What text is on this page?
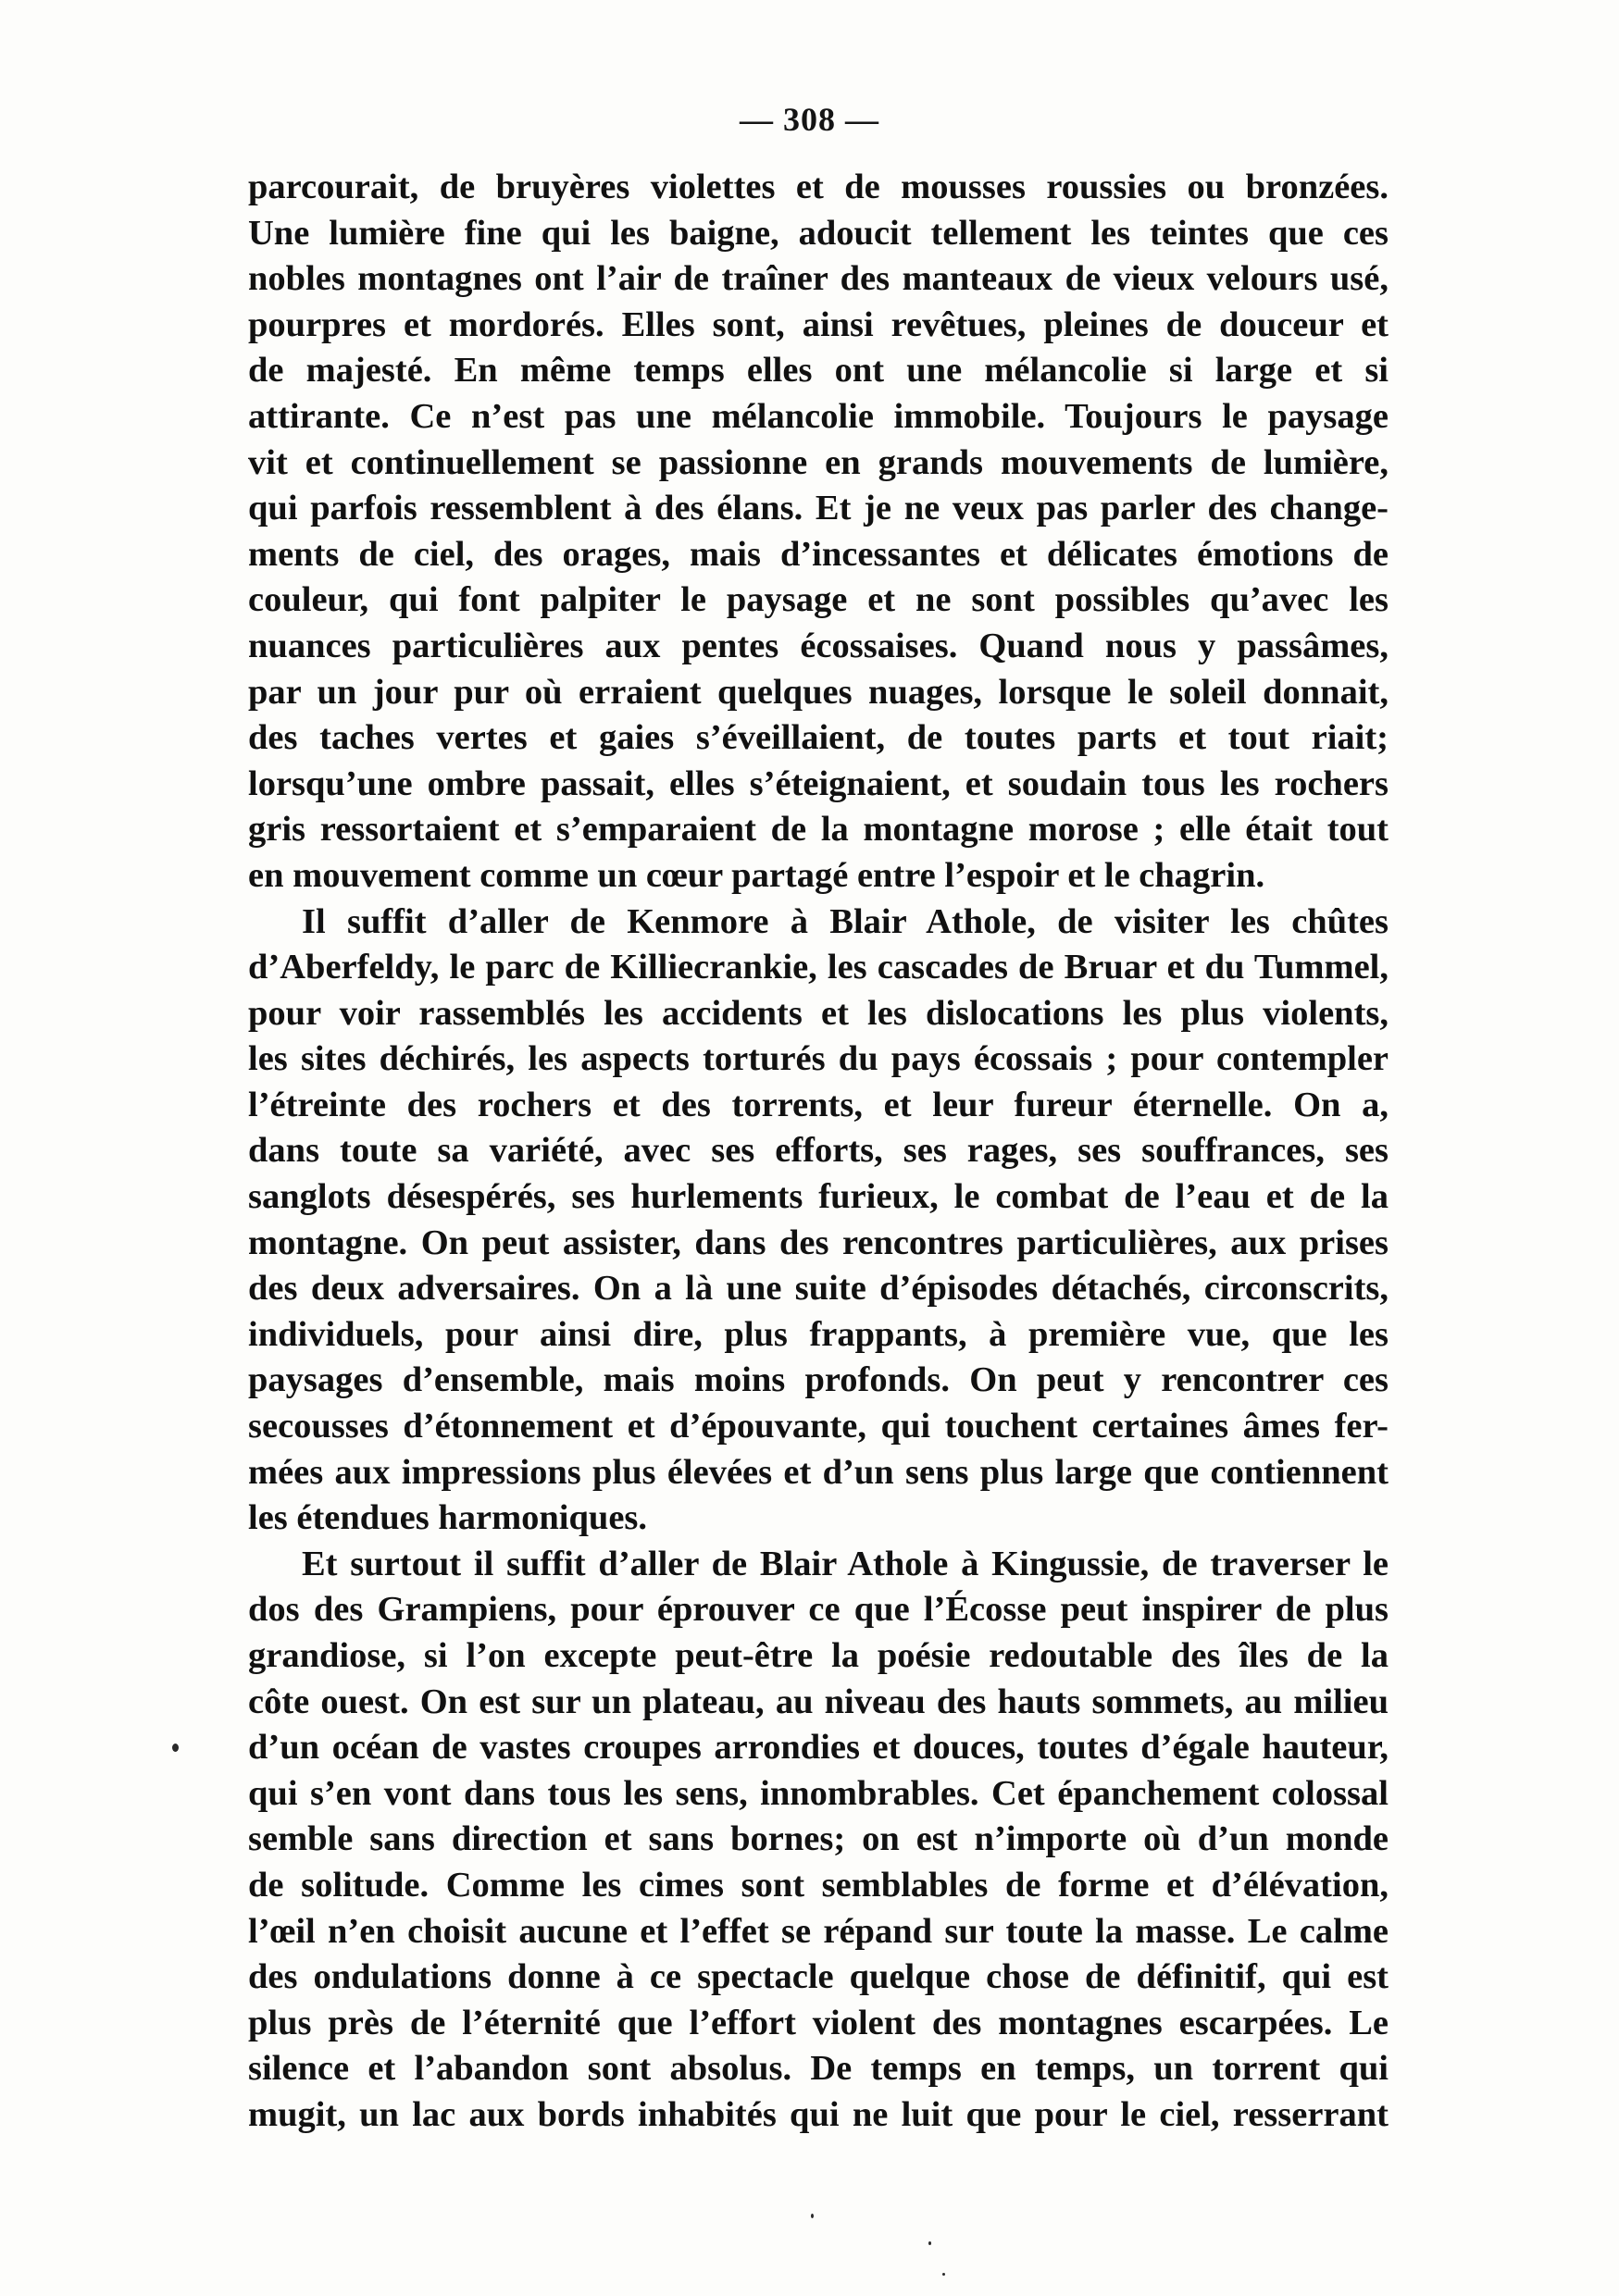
— 308 —
parcourait, de bruyères violettes et de mousses roussies ou bronzées.
Une lumière fine qui les baigne, adoucit tellement les teintes que ces
nobles montagnes ont l’air de traîner des manteaux de vieux velours usé,
pourpres et mordorés. Elles sont, ainsi revêtues, pleines de douceur et
de majesté. En même temps elles ont une mélancolie si large et si
attirante. Ce n’est pas une mélancolie immobile. Toujours le paysage
vit et continuellement se passionne en grands mouvements de lumière,
qui parfois ressemblent à des élans. Et je ne veux pas parler des change-
ments de ciel, des orages, mais d’incessantes et délicates émotions de
couleur, qui font palpiter le paysage et ne sont possibles qu’avec les
nuances particulières aux pentes écossaises. Quand nous y passâmes,
par un jour pur où erraient quelques nuages, lorsque le soleil donnait,
des taches vertes et gaies s’éveillaient, de toutes parts et tout riait;
lorsqu’une ombre passait, elles s’éteignaient, et soudain tous les rochers
gris ressortaient et s’emparaient de la montagne morose ; elle était tout
en mouvement comme un cœur partagé entre l’espoir et le chagrin.
Il suffit d’aller de Kenmore à Blair Athole, de visiter les chûtes
d’Aberfeldy, le parc de Killiecrankie, les cascades de Bruar et du Tummel,
pour voir rassemblés les accidents et les dislocations les plus violents,
les sites déchirés, les aspects torturés du pays écossais ; pour contempler
l’étreinte des rochers et des torrents, et leur fureur éternelle. On a,
dans toute sa variété, avec ses efforts, ses rages, ses souffrances, ses
sanglots désespérés, ses hurlements furieux, le combat de l’eau et de la
montagne. On peut assister, dans des rencontres particulières, aux prises
des deux adversaires. On a là une suite d’épisodes détachés, circonscrits,
individuels, pour ainsi dire, plus frappants, à première vue, que les
paysages d’ensemble, mais moins profonds. On peut y rencontrer ces
secousses d’étonnement et d’épouvante, qui touchent certaines âmes fer-
mées aux impressions plus élevées et d’un sens plus large que contiennent
les étendues harmoniques.
Et surtout il suffit d’aller de Blair Athole à Kingussie, de traverser le
dos des Grampiens, pour éprouver ce que l’Écosse peut inspirer de plus
grandiose, si l’on excepte peut-être la poésie redoutable des îles de la
côte ouest. On est sur un plateau, au niveau des hauts sommets, au milieu
d’un océan de vastes croupes arrondies et douces, toutes d’égale hauteur,
qui s’en vont dans tous les sens, innombrables. Cet épanchement colossal
semble sans direction et sans bornes; on est n’importe où d’un monde
de solitude. Comme les cimes sont semblables de forme et d’élévation,
l’œil n’en choisit aucune et l’effet se répand sur toute la masse. Le calme
des ondulations donne à ce spectacle quelque chose de définitif, qui est
plus près de l’éternité que l’effort violent des montagnes escarpées. Le
silence et l’abandon sont absolus. De temps en temps, un torrent qui
mugit, un lac aux bords inhabités qui ne luit que pour le ciel, resserrant
